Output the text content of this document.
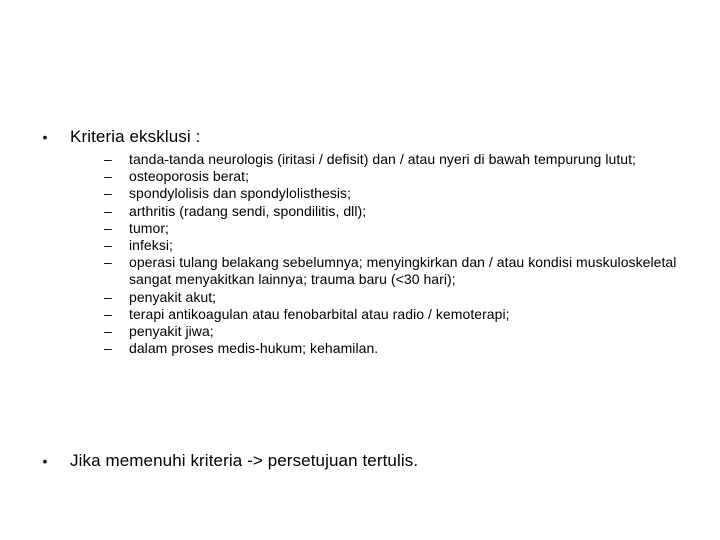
• Kriteria eksklusi :
–	tanda-tanda neurologis (iritasi / defisit) dan / atau nyeri di bawah tempurung lutut;
–	osteoporosis berat;
–	spondylolisis dan spondylolisthesis;
–	arthritis (radang sendi, spondilitis, dll);
–	tumor;
–	infeksi;
–	operasi tulang belakang sebelumnya; menyingkirkan dan / atau kondisi muskuloskeletal sangat menyakitkan lainnya; trauma baru (<30 hari);
–	penyakit akut;
–	terapi antikoagulan atau fenobarbital atau radio / kemoterapi;
–	penyakit jiwa;
–	dalam proses medis-hukum; kehamilan.
• Jika memenuhi kriteria -> persetujuan tertulis.
